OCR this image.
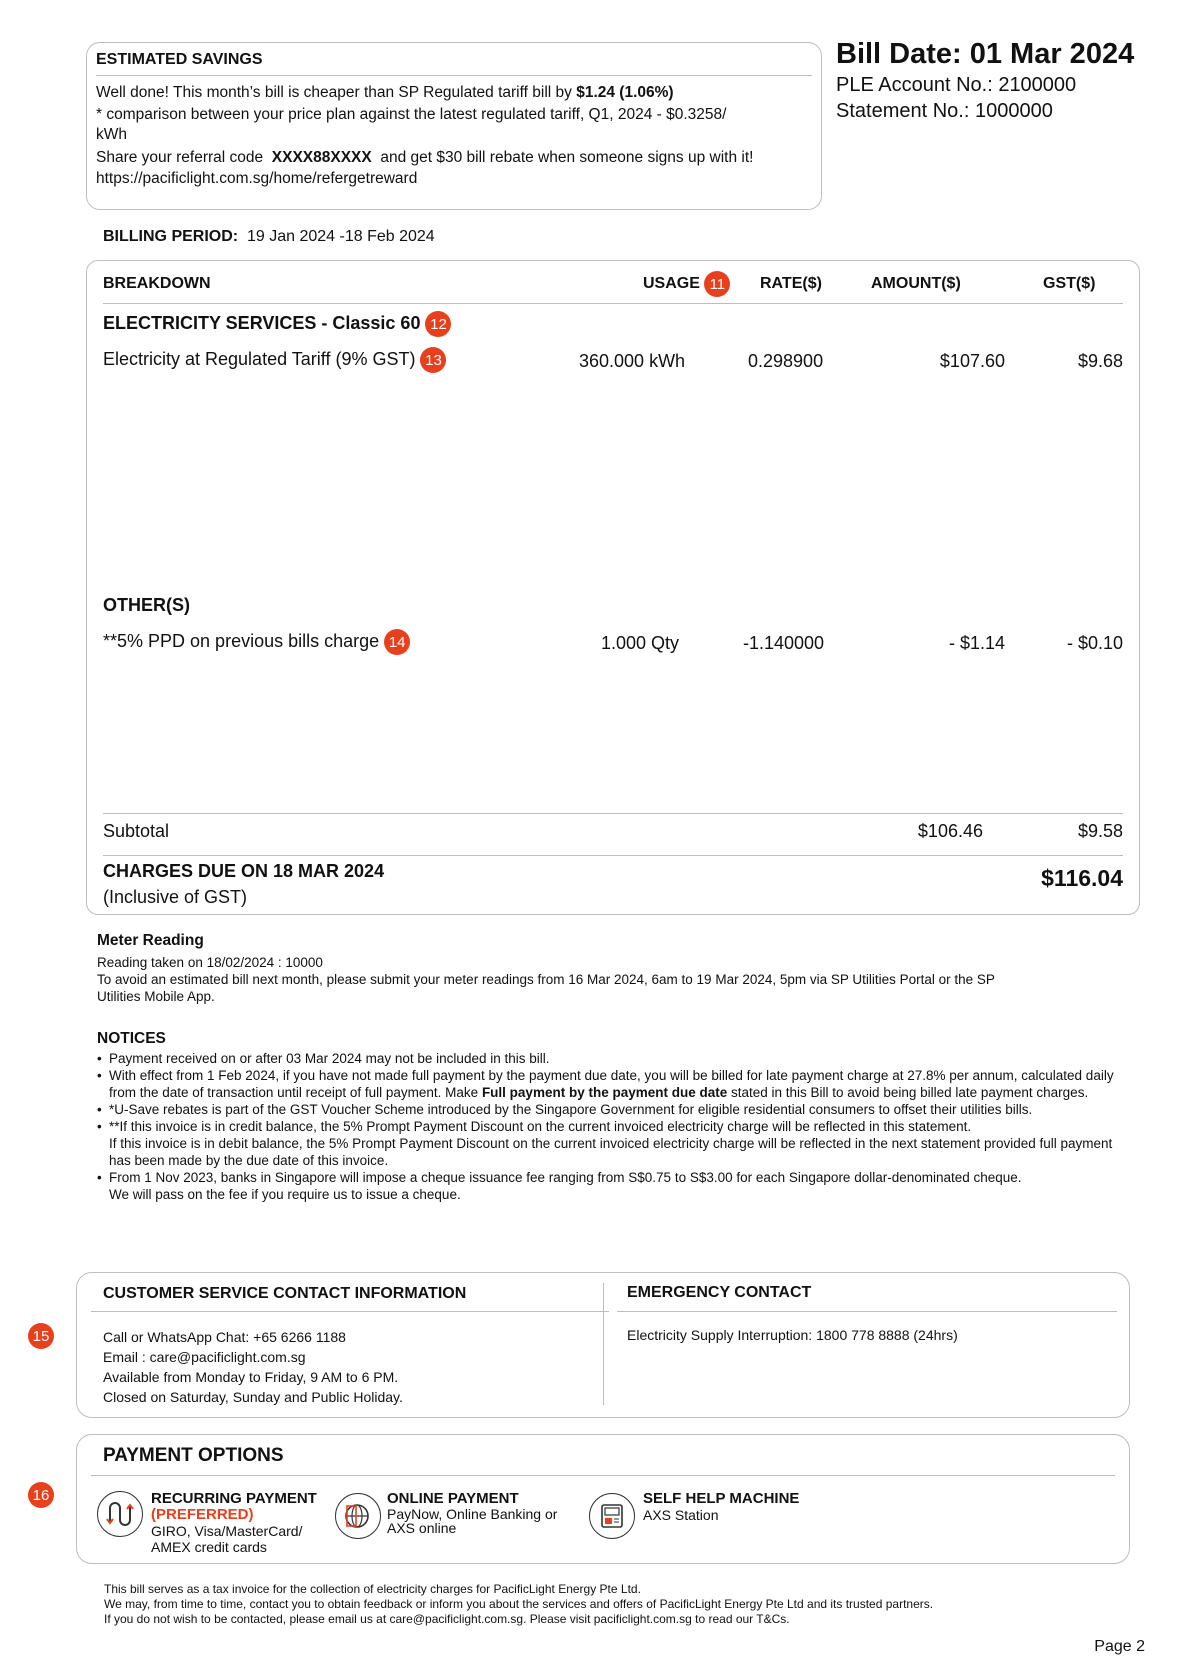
ESTIMATED SAVINGS
Well done! This month’s bill is cheaper than SP Regulated tariff bill by $1.24 (1.06%)
* comparison between your price plan against the latest regulated tariff, Q1, 2024 - $0.3258/
kWh
Share your referral code XXXX88XXXX and get $30 bill rebate when someone signs up with it!
https://pacificlight.com.sg/home/refergetreward
Bill Date: 01 Mar 2024
PLE Account No.: 2100000
Statement No.: 1000000
BILLING PERIOD: 19 Jan 2024 -18 Feb 2024
BREAKDOWN	USAGE 11	RATE($)	AMOUNT($)	GST($)
ELECTRICITY SERVICES - Classic 60 12
Electricity at Regulated Tariff (9% GST) 13	360.000 kWh	0.298900	$107.60	$9.68
OTHER(S)
**5% PPD on previous bills charge 14	1.000 Qty	-1.140000	- $1.14	- $0.10
Subtotal	$106.46	$9.58
CHARGES DUE ON 18 MAR 2024
(Inclusive of GST)
$116.04
Meter Reading
Reading taken on 18/02/2024 : 10000
To avoid an estimated bill next month, please submit your meter readings from 16 Mar 2024, 6am to 19 Mar 2024, 5pm via SP Utilities Portal or the SP
Utilities Mobile App.
NOTICES
• Payment received on or after 03 Mar 2024 may not be included in this bill.
• With effect from 1 Feb 2024, if you have not made full payment by the payment due date, you will be billed for late payment charge at 27.8% per annum, calculated daily from the date of transaction until receipt of full payment. Make Full payment by the payment due date stated in this Bill to avoid being billed late payment charges.
• *U-Save rebates is part of the GST Voucher Scheme introduced by the Singapore Government for eligible residential consumers to offset their utilities bills.
• **If this invoice is in credit balance, the 5% Prompt Payment Discount on the current invoiced electricity charge will be reflected in this statement.
If this invoice is in debit balance, the 5% Prompt Payment Discount on the current invoiced electricity charge will be reflected in the next statement provided full payment has been made by the due date of this invoice.
• From 1 Nov 2023, banks in Singapore will impose a cheque issuance fee ranging from S$0.75 to S$3.00 for each Singapore dollar-denominated cheque.
We will pass on the fee if you require us to issue a cheque.
15
CUSTOMER SERVICE CONTACT INFORMATION
Call or WhatsApp Chat: +65 6266 1188
Email : care@pacificlight.com.sg
Available from Monday to Friday, 9 AM to 6 PM.
Closed on Saturday, Sunday and Public Holiday.
EMERGENCY CONTACT
Electricity Supply Interruption: 1800 778 8888 (24hrs)
16
PAYMENT OPTIONS
RECURRING PAYMENT
(PREFERRED)
GIRO, Visa/MasterCard/
AMEX credit cards
ONLINE PAYMENT
PayNow, Online Banking or
AXS online
SELF HELP MACHINE
AXS Station
This bill serves as a tax invoice for the collection of electricity charges for PacificLight Energy Pte Ltd.
We may, from time to time, contact you to obtain feedback or inform you about the services and offers of PacificLight Energy Pte Ltd and its trusted partners.
If you do not wish to be contacted, please email us at care@pacificlight.com.sg. Please visit pacificlight.com.sg to read our T&Cs.
Page 2
